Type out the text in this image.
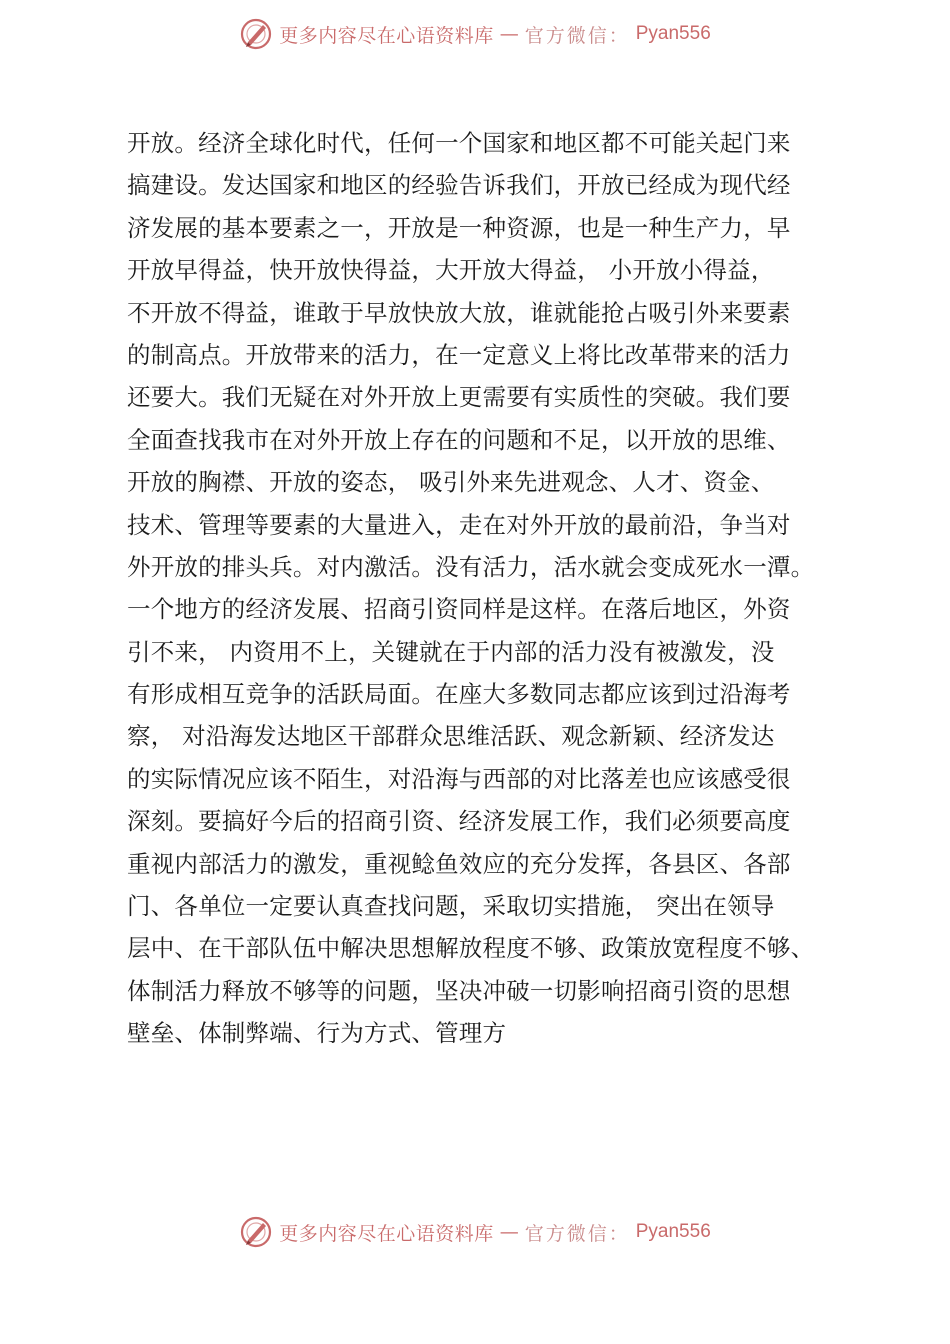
更多内容尽在心语资料库 — 官方微信： Pyan556
开放。经济全球化时代，任何一个国家和地区都不可能关起门来
搞建设。发达国家和地区的经验告诉我们，开放已经成为现代经
济发展的基本要素之一，开放是一种资源，也是一种生产力，早
开放早得益，快开放快得益，大开放大得益， 小开放小得益，
不开放不得益，谁敢于早放快放大放，谁就能抢占吸引外来要素
的制高点。开放带来的活力，在一定意义上将比改革带来的活力
还要大。我们无疑在对外开放上更需要有实质性的突破。我们要
全面查找我市在对外开放上存在的问题和不足，以开放的思维、
开放的胸襟、开放的姿态， 吸引外来先进观念、人才、资金、
技术、管理等要素的大量进入，走在对外开放的最前沿，争当对
外开放的排头兵。对内激活。没有活力，活水就会变成死水一潭。
一个地方的经济发展、招商引资同样是这样。在落后地区，外资
引不来， 内资用不上，关键就在于内部的活力没有被激发，没
有形成相互竞争的活跃局面。在座大多数同志都应该到过沿海考
察， 对沿海发达地区干部群众思维活跃、观念新颖、经济发达
的实际情况应该不陌生，对沿海与西部的对比落差也应该感受很
深刻。要搞好今后的招商引资、经济发展工作，我们必须要高度
重视内部活力的激发，重视鲶鱼效应的充分发挥，各县区、各部
门、各单位一定要认真查找问题，采取切实措施， 突出在领导
层中、在干部队伍中解决思想解放程度不够、政策放宽程度不够、
体制活力释放不够等的问题，坚决冲破一切影响招商引资的思想
壁垒、体制弊端、行为方式、管理方
更多内容尽在心语资料库 — 官方微信： Pyan556
